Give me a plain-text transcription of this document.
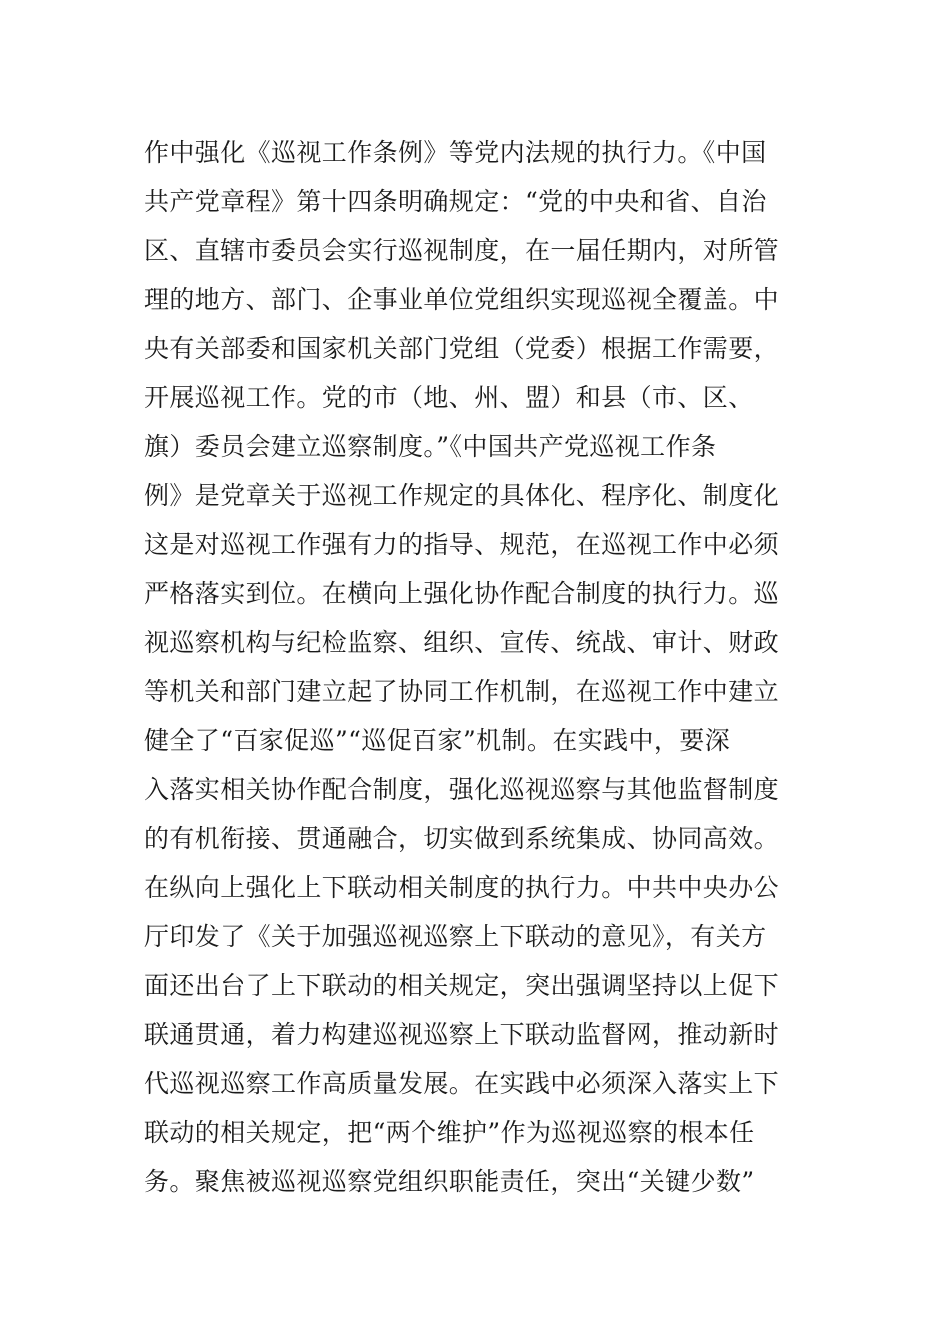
作中强化《巡视工作条例》等党内法规的执行力。《中国
共产党章程》第十四条明确规定：“党的中央和省、自治
区、直辖市委员会实行巡视制度，在一届任期内，对所管
理的地方、部门、企事业单位党组织实现巡视全覆盖。中
央有关部委和国家机关部门党组（党委）根据工作需要，
开展巡视工作。党的市（地、州、盟）和县（市、区、
旗）委员会建立巡察制度。”《中国共产党巡视工作条
例》是党章关于巡视工作规定的具体化、程序化、制度化
这是对巡视工作强有力的指导、规范，在巡视工作中必须
严格落实到位。在横向上强化协作配合制度的执行力。巡
视巡察机构与纪检监察、组织、宣传、统战、审计、财政
等机关和部门建立起了协同工作机制，在巡视工作中建立
健全了“百家促巡”“巡促百家”机制。在实践中，要深
入落实相关协作配合制度，强化巡视巡察与其他监督制度
的有机衔接、贯通融合，切实做到系统集成、协同高效。
在纵向上强化上下联动相关制度的执行力。中共中央办公
厅印发了《关于加强巡视巡察上下联动的意见》，有关方
面还出台了上下联动的相关规定，突出强调坚持以上促下
联通贯通，着力构建巡视巡察上下联动监督网，推动新时
代巡视巡察工作高质量发展。在实践中必须深入落实上下
联动的相关规定，把“两个维护”作为巡视巡察的根本任
务。聚焦被巡视巡察党组织职能责任，突出“关键少数”
